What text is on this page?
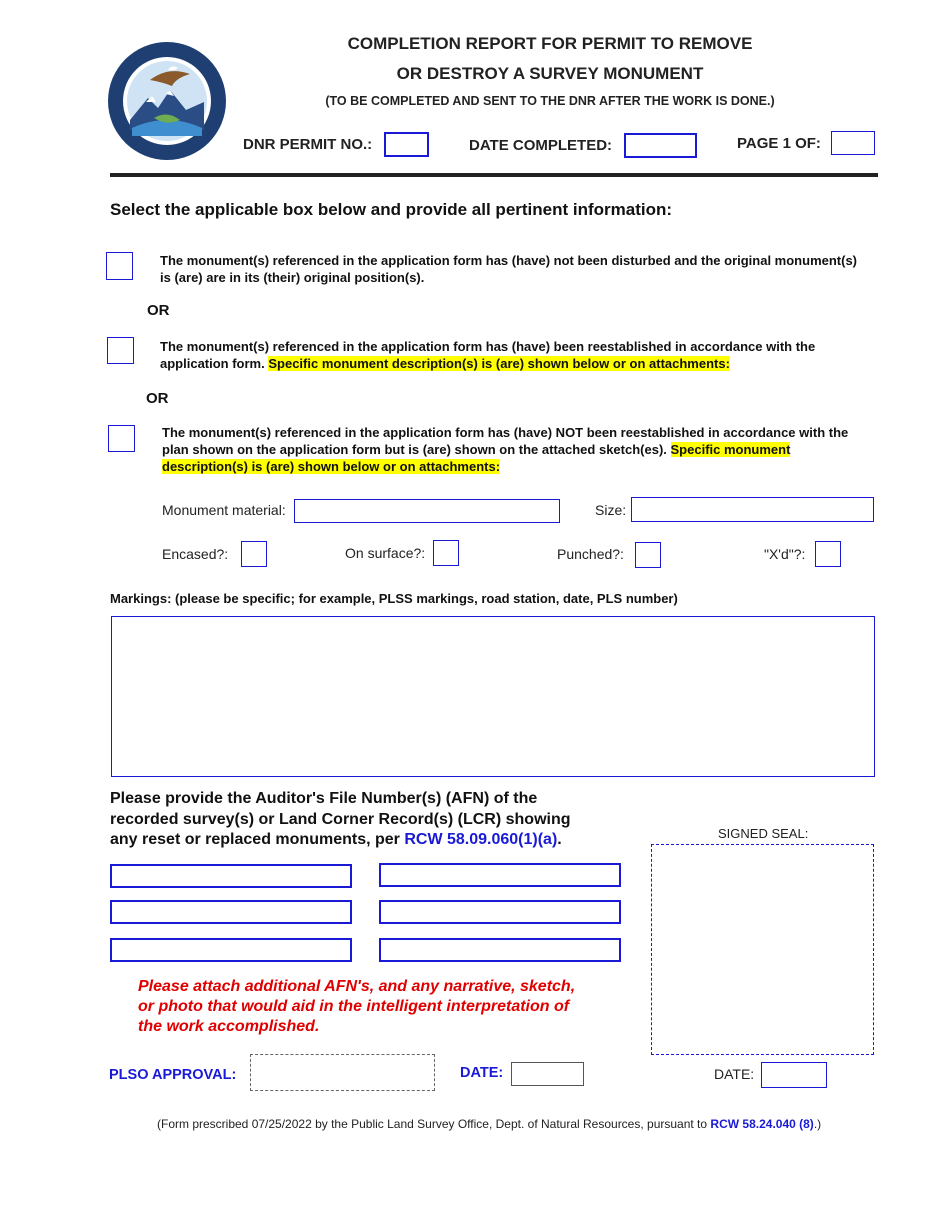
COMPLETION REPORT FOR PERMIT TO REMOVE
OR DESTROY A SURVEY MONUMENT
(TO BE COMPLETED AND SENT TO THE DNR AFTER THE WORK IS DONE.)
DNR PERMIT NO.:	DATE COMPLETED:	PAGE 1 OF:
Select the applicable box below and provide all pertinent information:
The monument(s) referenced in the application form has (have) not been disturbed and the original monument(s) is (are) are in its (their) original position(s).
OR
The monument(s) referenced in the application form has (have) been reestablished in accordance with the application form. Specific monument description(s) is (are) shown below or on attachments:
OR
The monument(s) referenced in the application form has (have) NOT been reestablished in accordance with the plan shown on the application form but is (are) shown on the attached sketch(es). Specific monument description(s) is (are) shown below or on attachments:
Monument material:	Size:
Encased?:	On surface?:	Punched?:	"X'd"?:
Markings: (please be specific; for example, PLSS markings, road station, date, PLS number)
Please provide the Auditor's File Number(s) (AFN) of the
recorded survey(s) or Land Corner Record(s) (LCR) showing
any reset or replaced monuments, per RCW 58.09.060(1)(a).
Please attach additional AFN's, and any narrative, sketch,
or photo that would aid in the intelligent interpretation of
the work accomplished.
SIGNED SEAL:
DATE:
PLSO APPROVAL:	DATE:
(Form prescribed 07/25/2022 by the Public Land Survey Office, Dept. of Natural Resources, pursuant to RCW 58.24.040 (8).)
